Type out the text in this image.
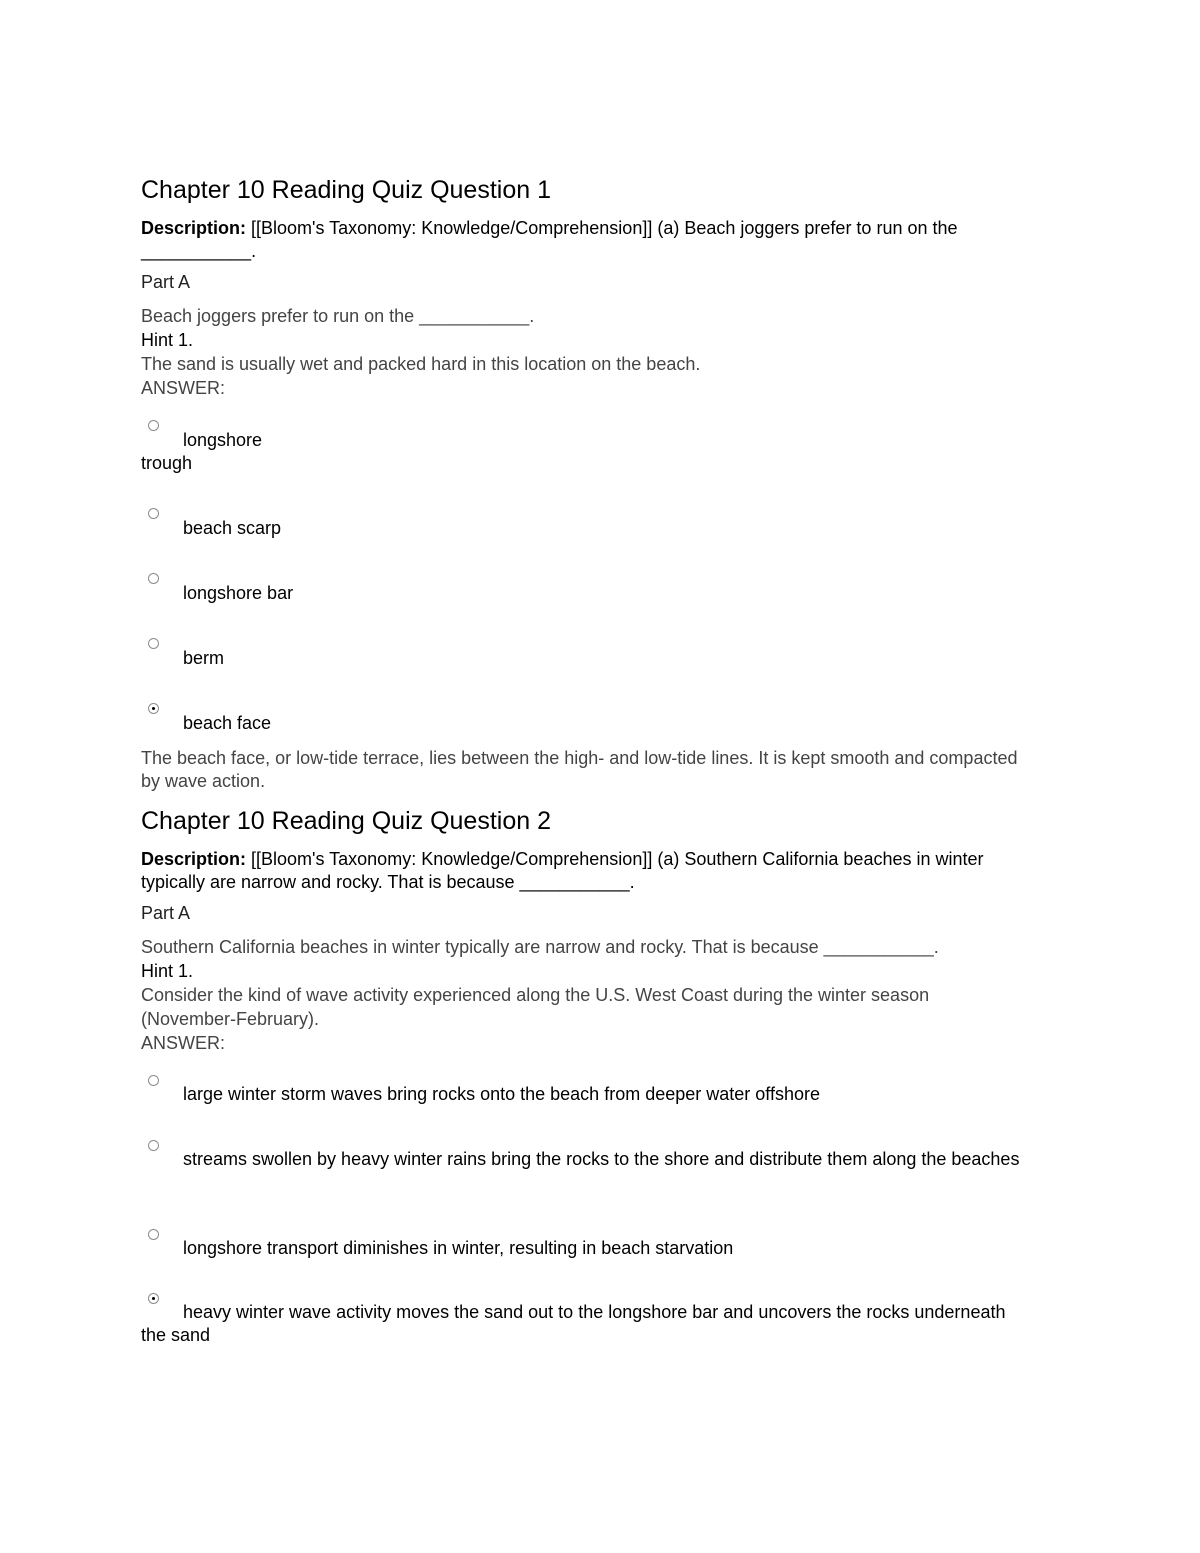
Chapter 10 Reading Quiz Question 1

Description: [[Bloom's Taxonomy: Knowledge/Comprehension]] (a) Beach joggers prefer to run on the ___________.

Part A

Beach joggers prefer to run on the ___________.

Hint 1.

The sand is usually wet and packed hard in this location on the beach.

ANSWER:

longshore trough
beach scarp
longshore bar
berm
beach face

The beach face, or low-tide terrace, lies between the high- and low-tide lines. It is kept smooth and compacted by wave action.

Chapter 10 Reading Quiz Question 2

Description: [[Bloom's Taxonomy: Knowledge/Comprehension]] (a) Southern California beaches in winter typically are narrow and rocky. That is because ___________.

Part A

Southern California beaches in winter typically are narrow and rocky. That is because ___________.

Hint 1.

Consider the kind of wave activity experienced along the U.S. West Coast during the winter season (November-February).

ANSWER:

large winter storm waves bring rocks onto the beach from deeper water offshore
streams swollen by heavy winter rains bring the rocks to the shore and distribute them along the beaches
longshore transport diminishes in winter, resulting in beach starvation
heavy winter wave activity moves the sand out to the longshore bar and uncovers the rocks underneath the sand
